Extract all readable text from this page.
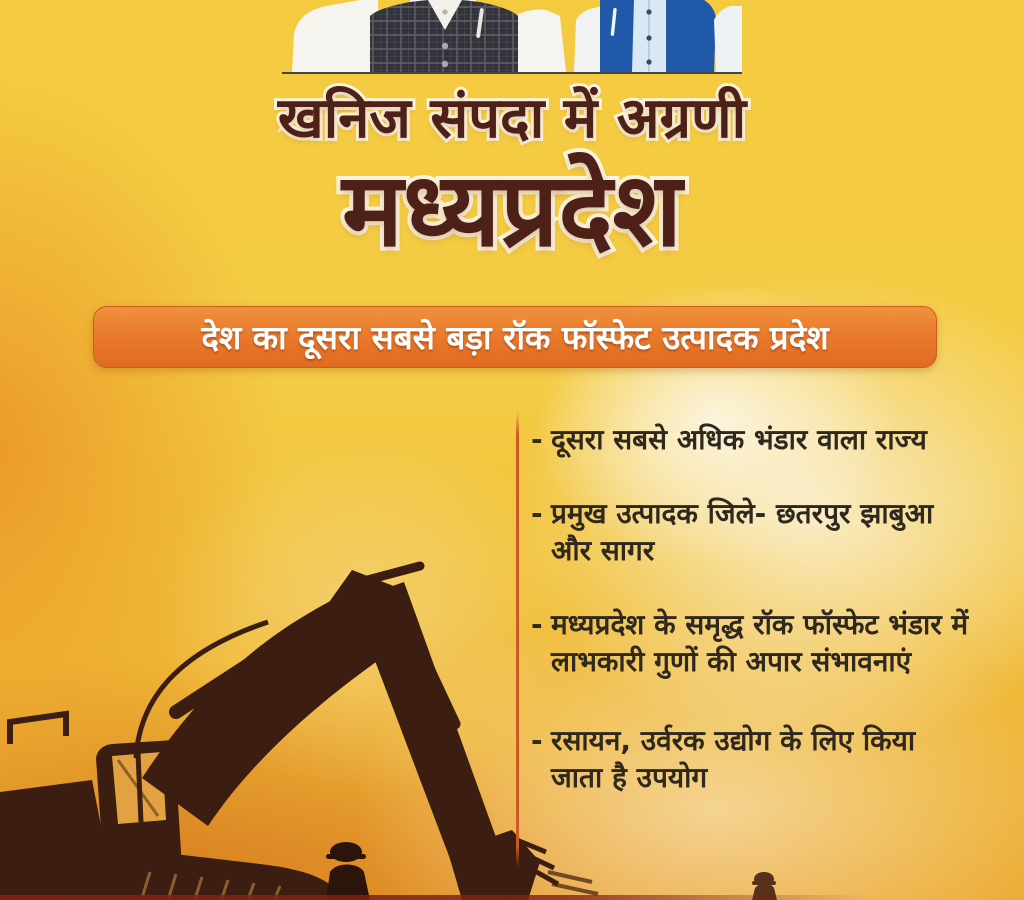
खनिज संपदा में अग्रणी
मध्यप्रदेश
देश का दूसरा सबसे बड़ा रॉक फॉस्फेट उत्पादक प्रदेश
- दूसरा सबसे अधिक भंडार वाला राज्य
- प्रमुख उत्पादक जिले- छतरपुर झाबुआ और सागर
- मध्यप्रदेश के समृद्ध रॉक फॉस्फेट भंडार में लाभकारी गुणों की अपार संभावनाएं
- रसायन, उर्वरक उद्योग के लिए किया जाता है उपयोग
